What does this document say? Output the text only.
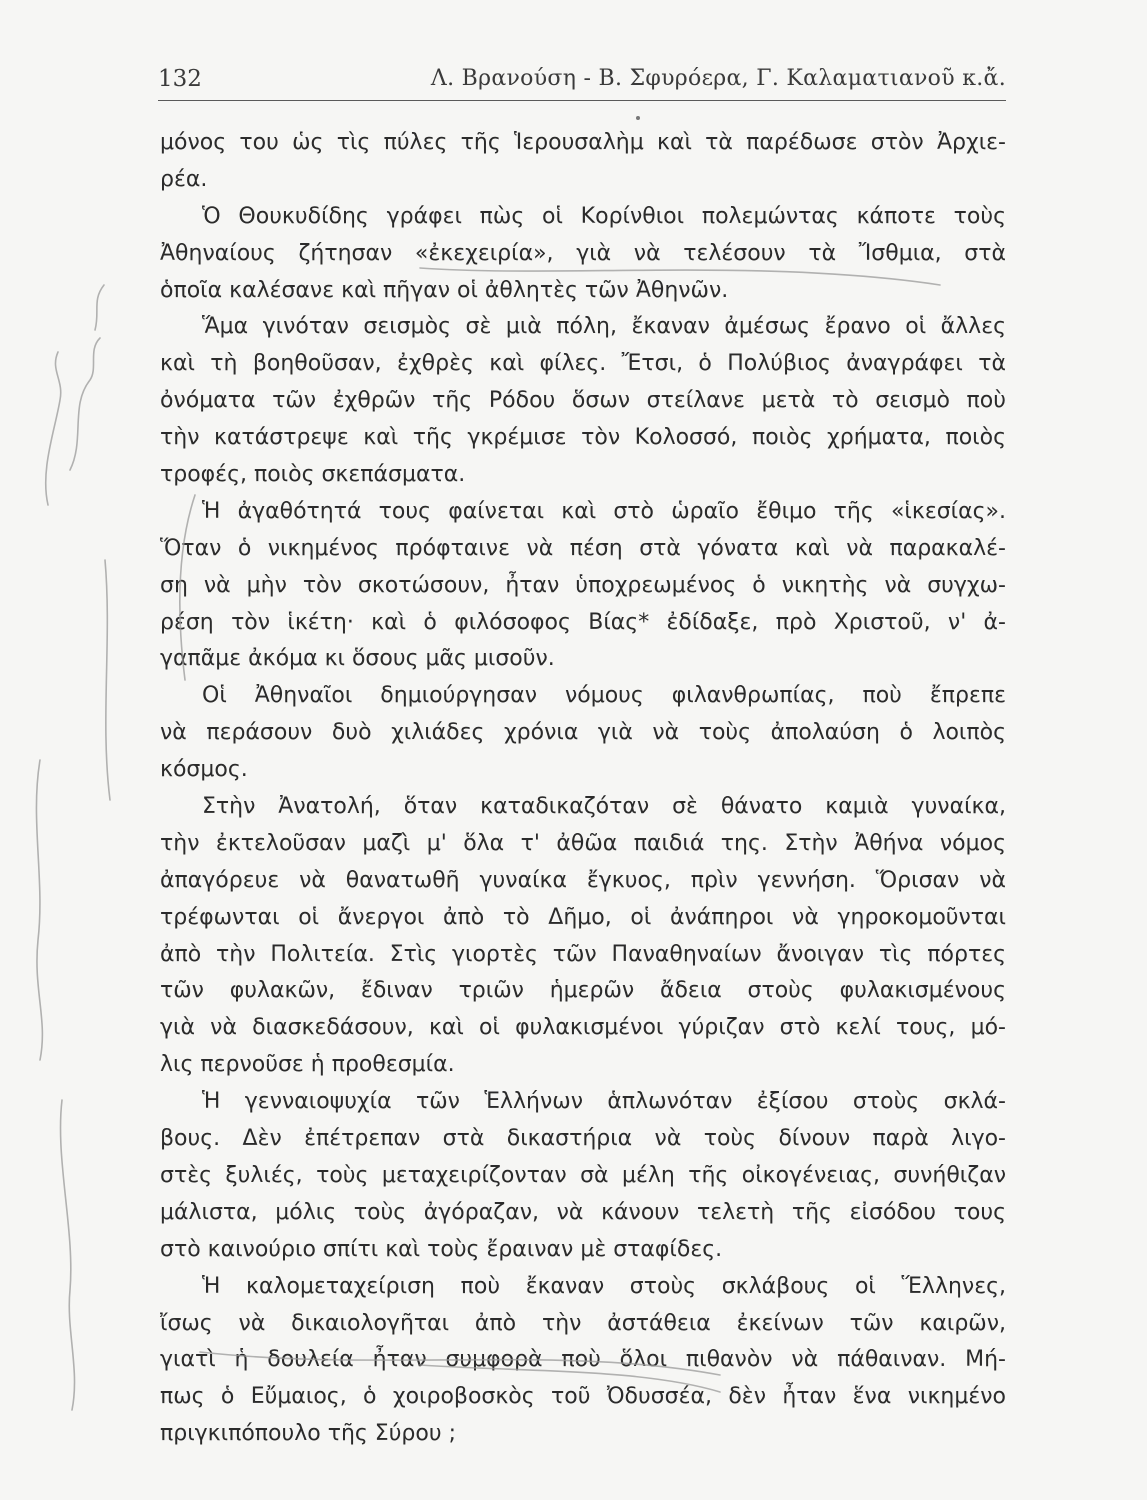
132	Λ. Βρανούση - Β. Σφυρόερα, Γ. Καλαματιανοῦ κ.ἄ.
μόνος του ὡς τὶς πύλες τῆς Ἱερουσαλὴμ καὶ τὰ παρέδωσε στὸν Ἀρχιε-
ρέα.
Ὁ Θουκυδίδης γράφει πὼς οἱ Κορίνθιοι πολεμώντας κάποτε τοὺς
Ἀθηναίους ζήτησαν «ἐκεχειρία», γιὰ νὰ τελέσουν τὰ Ἴσθμια, στὰ
ὁποῖα καλέσανε καὶ πῆγαν οἱ ἀθλητὲς τῶν Ἀθηνῶν.
Ἅμα γινόταν σεισμὸς σὲ μιὰ πόλη, ἔκαναν ἀμέσως ἔρανο οἱ ἄλλες
καὶ τὴ βοηθοῦσαν, ἐχθρὲς καὶ φίλες. Ἔτσι, ὁ Πολύβιος ἀναγράφει τὰ
ὀνόματα τῶν ἐχθρῶν τῆς Ρόδου ὅσων στείλανε μετὰ τὸ σεισμὸ ποὺ
τὴν κατάστρεψε καὶ τῆς γκρέμισε τὸν Κολοσσό, ποιὸς χρήματα, ποιὸς
τροφές, ποιὸς σκεπάσματα.
Ἡ ἀγαθότητά τους φαίνεται καὶ στὸ ὡραῖο ἔθιμο τῆς «ἱκεσίας».
Ὅταν ὁ νικημένος πρόφταινε νὰ πέση στὰ γόνατα καὶ νὰ παρακαλέ-
ση νὰ μὴν τὸν σκοτώσουν, ἦταν ὑποχρεωμένος ὁ νικητὴς νὰ συγχω-
ρέση τὸν ἱκέτη· καὶ ὁ φιλόσοφος Βίας* ἐδίδαξε, πρὸ Χριστοῦ, ν' ἀ-
γαπᾶμε ἀκόμα κι ὅσους μᾶς μισοῦν.
Οἱ Ἀθηναῖοι δημιούργησαν νόμους φιλανθρωπίας, ποὺ ἔπρεπε
νὰ περάσουν δυὸ χιλιάδες χρόνια γιὰ νὰ τοὺς ἀπολαύση ὁ λοιπὸς
κόσμος.
Στὴν Ἀνατολή, ὅταν καταδικαζόταν σὲ θάνατο καμιὰ γυναίκα,
τὴν ἐκτελοῦσαν μαζὶ μ' ὅλα τ' ἀθῶα παιδιά της. Στὴν Ἀθήνα νόμος
ἀπαγόρευε νὰ θανατωθῆ γυναίκα ἔγκυος, πρὶν γεννήση. Ὅρισαν νὰ
τρέφωνται οἱ ἄνεργοι ἀπὸ τὸ Δῆμο, οἱ ἀνάπηροι νὰ γηροκομοῦνται
ἀπὸ τὴν Πολιτεία. Στὶς γιορτὲς τῶν Παναθηναίων ἄνοιγαν τὶς πόρτες
τῶν φυλακῶν, ἔδιναν τριῶν ἡμερῶν ἄδεια στοὺς φυλακισμένους
γιὰ νὰ διασκεδάσουν, καὶ οἱ φυλακισμένοι γύριζαν στὸ κελί τους, μό-
λις περνοῦσε ἡ προθεσμία.
Ἡ γενναιοψυχία τῶν Ἑλλήνων ἁπλωνόταν ἐξίσου στοὺς σκλά-
βους. Δὲν ἐπέτρεπαν στὰ δικαστήρια νὰ τοὺς δίνουν παρὰ λιγο-
στὲς ξυλιές, τοὺς μεταχειρίζονταν σὰ μέλη τῆς οἰκογένειας, συνήθιζαν
μάλιστα, μόλις τοὺς ἀγόραζαν, νὰ κάνουν τελετὴ τῆς εἰσόδου τους
στὸ καινούριο σπίτι καὶ τοὺς ἔραιναν μὲ σταφίδες.
Ἡ καλομεταχείριση ποὺ ἔκαναν στοὺς σκλάβους οἱ Ἕλληνες,
ἴσως νὰ δικαιολογῆται ἀπὸ τὴν ἀστάθεια ἐκείνων τῶν καιρῶν,
γιατὶ ἡ δουλεία ἦταν συμφορὰ ποὺ ὅλοι πιθανὸν νὰ πάθαιναν. Μή-
πως ὁ Εὔμαιος, ὁ χοιροβοσκὸς τοῦ Ὀδυσσέα, δὲν ἦταν ἕνα νικημένο
πριγκιπόπουλο τῆς Σύρου ;
